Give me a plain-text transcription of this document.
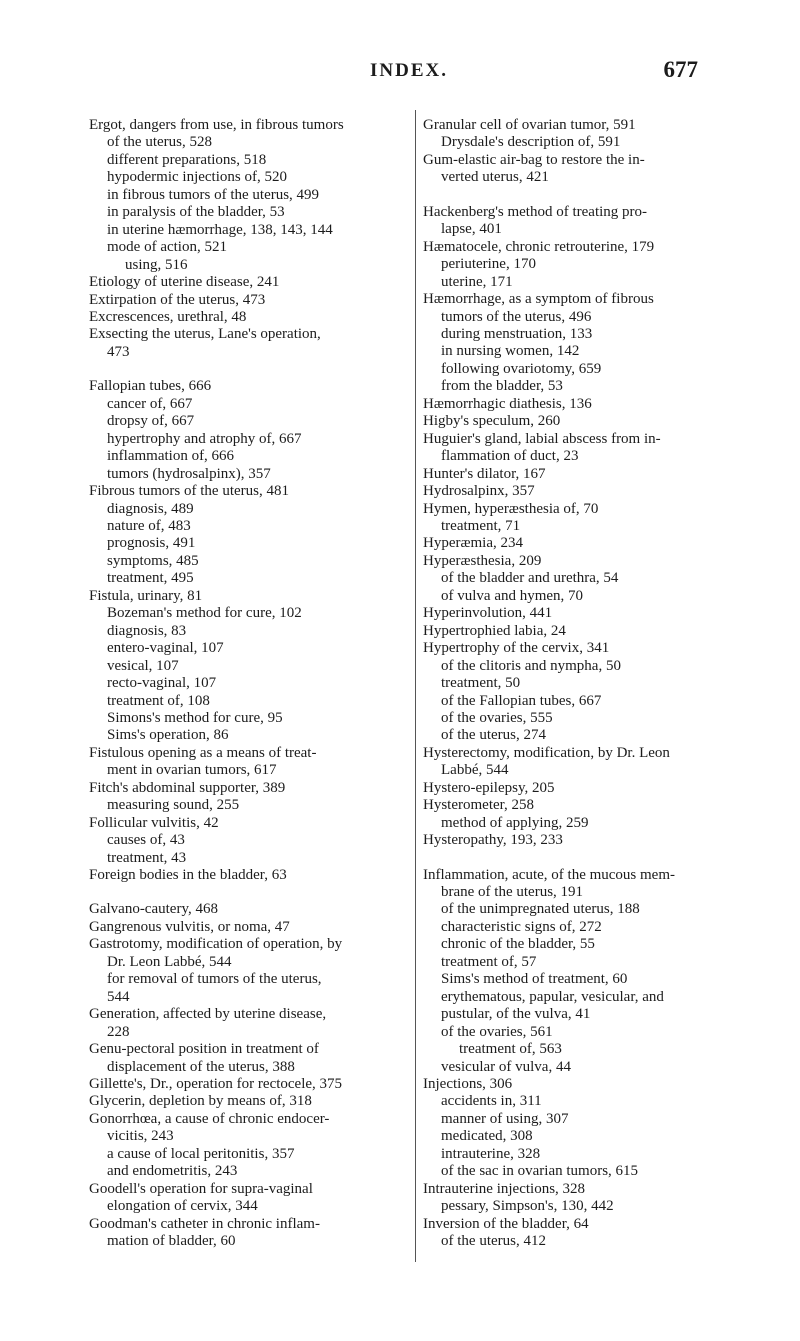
INDEX.	677
Ergot, dangers from use, in fibrous tumors
of the uterus, 528
different preparations, 518
hypodermic injections of, 520
in fibrous tumors of the uterus, 499
in paralysis of the bladder, 53
in uterine hæmorrhage, 138, 143, 144
mode of action, 521
using, 516
Etiology of uterine disease, 241
Extirpation of the uterus, 473
Excrescences, urethral, 48
Exsecting the uterus, Lane's operation,
473
Fallopian tubes, 666
cancer of, 667
dropsy of, 667
hypertrophy and atrophy of, 667
inflammation of, 666
tumors (hydrosalpinx), 357
Fibrous tumors of the uterus, 481
diagnosis, 489
nature of, 483
prognosis, 491
symptoms, 485
treatment, 495
Fistula, urinary, 81
Bozeman's method for cure, 102
diagnosis, 83
entero-vaginal, 107
vesical, 107
recto-vaginal, 107
treatment of, 108
Simons's method for cure, 95
Sims's operation, 86
Fistulous opening as a means of treat-
ment in ovarian tumors, 617
Fitch's abdominal supporter, 389
measuring sound, 255
Follicular vulvitis, 42
causes of, 43
treatment, 43
Foreign bodies in the bladder, 63
Galvano-cautery, 468
Gangrenous vulvitis, or noma, 47
Gastrotomy, modification of operation, by
Dr. Leon Labbé, 544
for removal of tumors of the uterus,
544
Generation, affected by uterine disease,
228
Genu-pectoral position in treatment of
displacement of the uterus, 388
Gillette's, Dr., operation for rectocele, 375
Glycerin, depletion by means of, 318
Gonorrhœa, a cause of chronic endocer-
vicitis, 243
a cause of local peritonitis, 357
and endometritis, 243
Goodell's operation for supra-vaginal
elongation of cervix, 344
Goodman's catheter in chronic inflam-
mation of bladder, 60
Granular cell of ovarian tumor, 591
Drysdale's description of, 591
Gum-elastic air-bag to restore the in-
verted uterus, 421
Hackenberg's method of treating pro-
lapse, 401
Hæmatocele, chronic retrouterine, 179
periuterine, 170
uterine, 171
Hæmorrhage, as a symptom of fibrous
tumors of the uterus, 496
during menstruation, 133
in nursing women, 142
following ovariotomy, 659
from the bladder, 53
Hæmorrhagic diathesis, 136
Higby's speculum, 260
Huguier's gland, labial abscess from in-
flammation of duct, 23
Hunter's dilator, 167
Hydrosalpinx, 357
Hymen, hyperæsthesia of, 70
treatment, 71
Hyperæmia, 234
Hyperæsthesia, 209
of the bladder and urethra, 54
of vulva and hymen, 70
Hyperinvolution, 441
Hypertrophied labia, 24
Hypertrophy of the cervix, 341
of the clitoris and nympha, 50
treatment, 50
of the Fallopian tubes, 667
of the ovaries, 555
of the uterus, 274
Hysterectomy, modification, by Dr. Leon
Labbé, 544
Hystero-epilepsy, 205
Hysterometer, 258
method of applying, 259
Hysteropathy, 193, 233
Inflammation, acute, of the mucous mem-
brane of the uterus, 191
of the unimpregnated uterus, 188
characteristic signs of, 272
chronic of the bladder, 55
treatment of, 57
Sims's method of treatment, 60
erythematous, papular, vesicular, and
pustular, of the vulva, 41
of the ovaries, 561
treatment of, 563
vesicular of vulva, 44
Injections, 306
accidents in, 311
manner of using, 307
medicated, 308
intrauterine, 328
of the sac in ovarian tumors, 615
Intrauterine injections, 328
pessary, Simpson's, 130, 442
Inversion of the bladder, 64
of the uterus, 412
